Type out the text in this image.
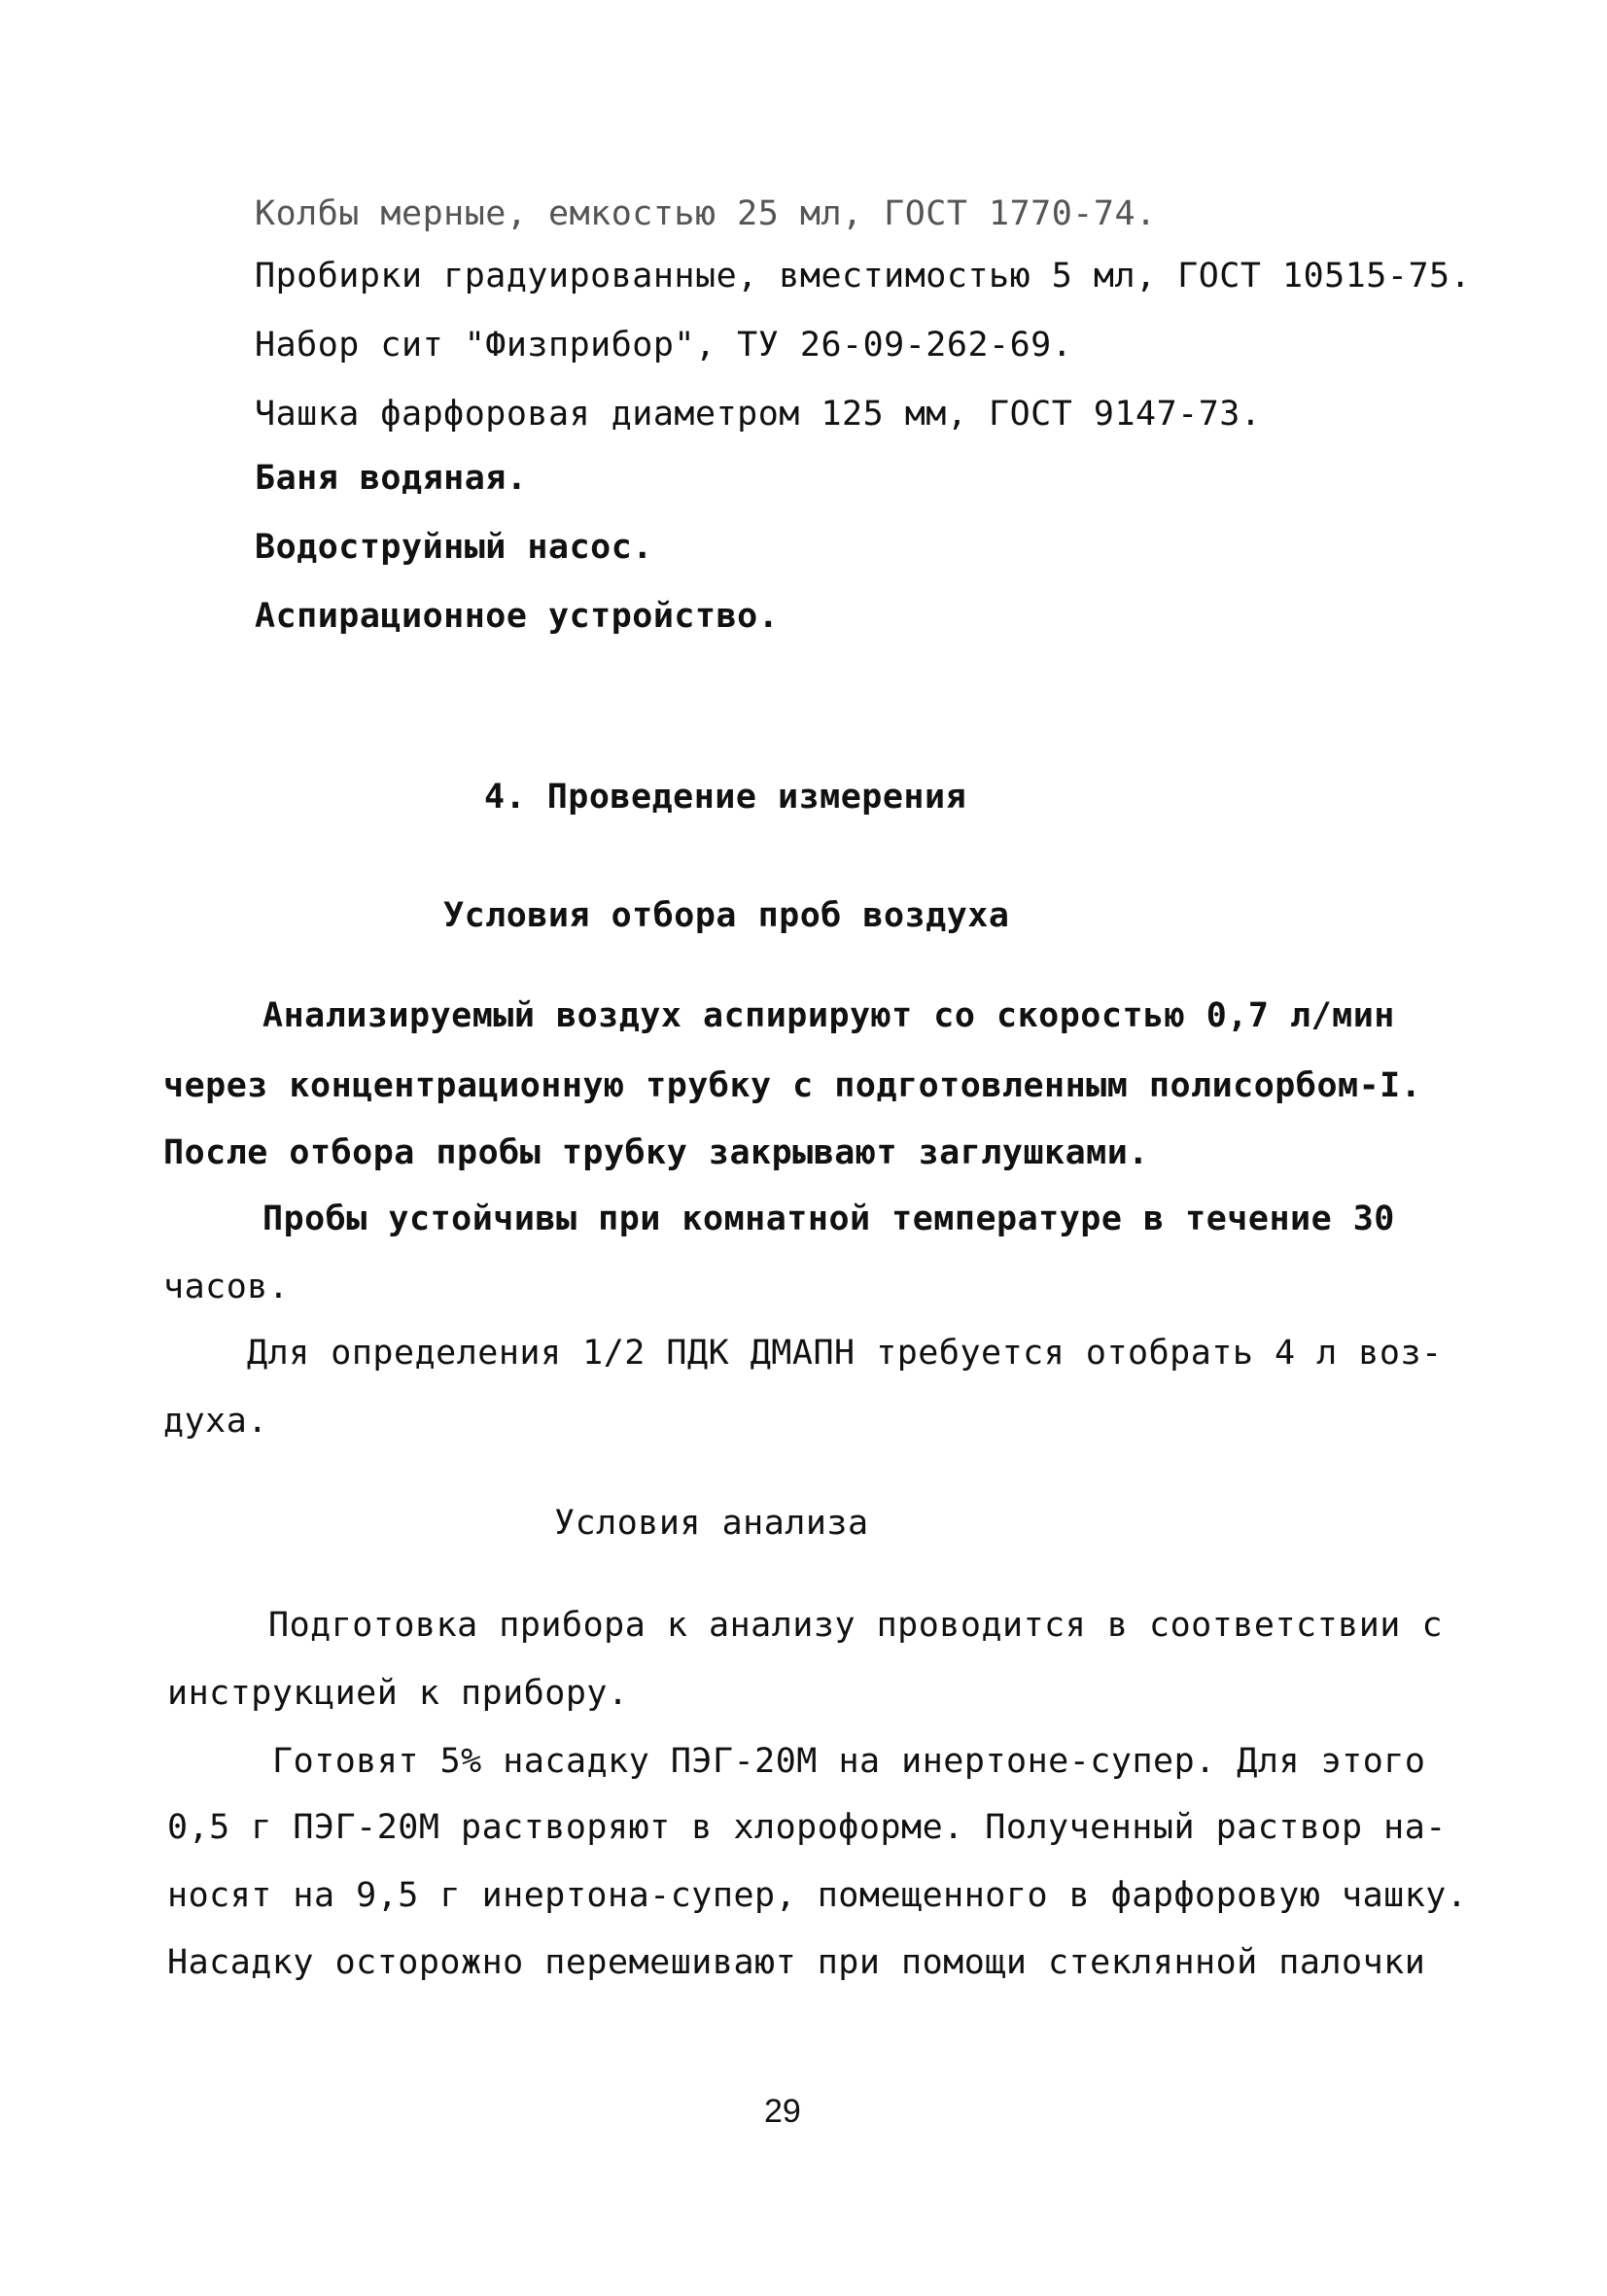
Колбы мерные, емкостью 25 мл, ГОСТ 1770-74.
Пробирки градуированные, вместимостью 5 мл, ГОСТ 10515-75.
Набор сит "Физприбор", ТУ 26-09-262-69.
Чашка фарфоровая диаметром 125 мм, ГОСТ 9147-73.
Баня водяная.
Водоструйный насос.
Аспирационное устройство.
4. Проведение измерения
Условия отбора проб воздуха
Анализируемый воздух аспирируют со скоростью 0,7 л/мин
через концентрационную трубку с подготовленным полисорбом-I.
После отбора пробы трубку закрывают заглушками.
Пробы устойчивы при комнатной температуре в течение 30
часов.
Для определения 1/2 ПДК ДМАПН требуется отобрать 4 л воз-
духа.
Условия анализа
Подготовка прибора к анализу проводится в соответствии с
инструкцией к прибору.
Готовят 5% насадку ПЭГ-20М на инертоне-супер. Для этого
0,5 г ПЭГ-20М растворяют в хлороформе. Полученный раствор на-
носят на 9,5 г инертона-супер, помещенного в фарфоровую чашку.
Насадку осторожно перемешивают при помощи стеклянной палочки
29
